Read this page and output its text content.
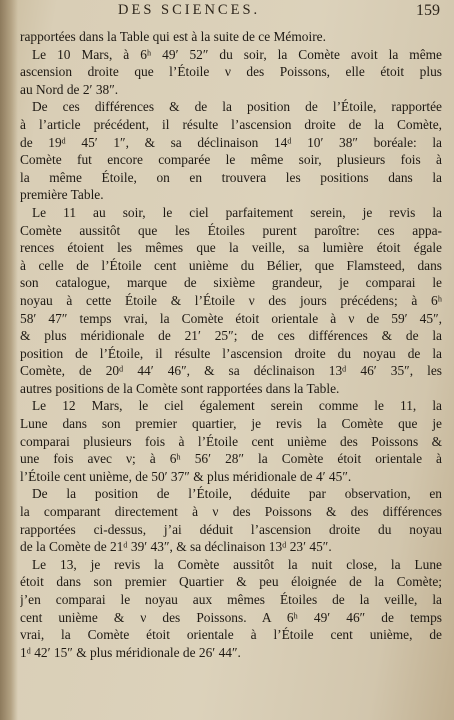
DES SCIENCES.	159
rapportées dans la Table qui est à la suite de ce Mémoire.
Le 10 Mars, à 6ʰ 49′ 52″ du soir, la Comète avoit la même
ascension droite que l’Étoile ν des Poissons, elle étoit plus
au Nord de 2′ 38″.
De ces différences & de la position de l’Étoile, rapportée
à l’article précédent, il résulte l’ascension droite de la Comète,
de 19ᵈ 45′ 1″, & sa déclinaison 14ᵈ 10′ 38″ boréale: la
Comète fut encore comparée le même soir, plusieurs fois à
la même Étoile, on en trouvera les positions dans la
première Table.
Le 11 au soir, le ciel parfaitement serein, je revis la
Comète aussitôt que les Étoiles purent paroître: ces appa-
rences étoient les mêmes que la veille, sa lumière étoit égale
à celle de l’Étoile cent unième du Bélier, que Flamsteed, dans
son catalogue, marque de sixième grandeur, je comparai le
noyau à cette Étoile & l’Étoile ν des jours précédens; à 6ʰ
58′ 47″ temps vrai, la Comète étoit orientale à ν de 59′ 45″,
& plus méridionale de 21′ 25″; de ces différences & de la
position de l’Étoile, il résulte l’ascension droite du noyau de la
Comète, de 20ᵈ 44′ 46″, & sa déclinaison 13ᵈ 46′ 35″, les
autres positions de la Comète sont rapportées dans la Table.
Le 12 Mars, le ciel également serein comme le 11, la
Lune dans son premier quartier, je revis la Comète que je
comparai plusieurs fois à l’Étoile cent unième des Poissons &
une fois avec ν; à 6ʰ 56′ 28″ la Comète étoit orientale à
l’Étoile cent unième, de 50′ 37″ & plus méridionale de 4′ 45″.
De la position de l’Étoile, déduite par observation, en
la comparant directement à ν des Poissons & des différences
rapportées ci-dessus, j’ai déduit l’ascension droite du noyau
de la Comète de 21ᵈ 39′ 43″, & sa déclinaison 13ᵈ 23′ 45″.
Le 13, je revis la Comète aussitôt la nuit close, la Lune
étoit dans son premier Quartier & peu éloignée de la Comète;
j’en comparai le noyau aux mêmes Étoiles de la veille, la
cent unième & ν des Poissons. A 6ʰ 49′ 46″ de temps
vrai, la Comète étoit orientale à l’Étoile cent unième, de
1ᵈ 42′ 15″ & plus méridionale de 26′ 44″.
